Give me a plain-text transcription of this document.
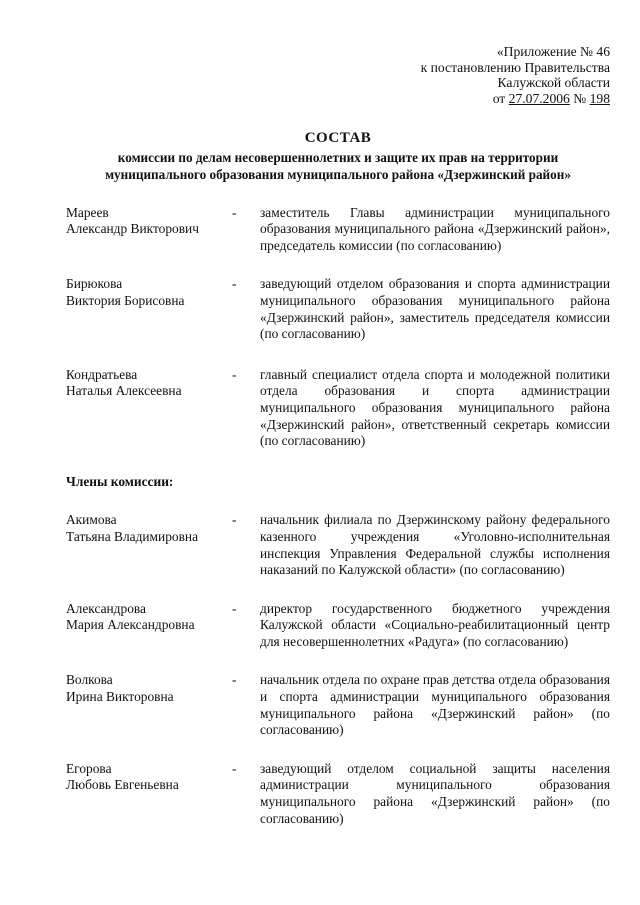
«Приложение № 46
к постановлению Правительства
Калужской области
от 27.07.2006 № 198
СОСТАВ
комиссии по делам несовершеннолетних и защите их прав на территории
муниципального образования муниципального района «Дзержинский район»
Мареев
Александр Викторович
-	заместитель Главы администрации муниципального образования муниципального района «Дзержинский район», председатель комиссии (по согласованию)
Бирюкова
Виктория Борисовна
-	заведующий отделом образования и спорта администрации муниципального образования муниципального района «Дзержинский район», заместитель председателя комиссии (по согласованию)
Кондратьева
Наталья Алексеевна
-	главный специалист отдела спорта и молодежной политики отдела образования и спорта администрации муниципального образования муниципального района «Дзержинский район», ответственный секретарь комиссии (по согласованию)
Члены комиссии:
Акимова
Татьяна Владимировна
-	начальник филиала по Дзержинскому району федерального казенного учреждения «Уголовно-исполнительная инспекция Управления Федеральной службы исполнения наказаний по Калужской области» (по согласованию)
Александрова
Мария Александровна
-	директор государственного бюджетного учреждения Калужской области «Социально-реабилитационный центр для несовершеннолетних «Радуга» (по согласованию)
Волкова
Ирина Викторовна
-	начальник отдела по охране прав детства отдела образования и спорта администрации муниципального образования муниципального района «Дзержинский район» (по согласованию)
Егорова
Любовь Евгеньевна
-	заведующий отделом социальной защиты населения администрации муниципального образования муниципального района «Дзержинский район» (по согласованию)
